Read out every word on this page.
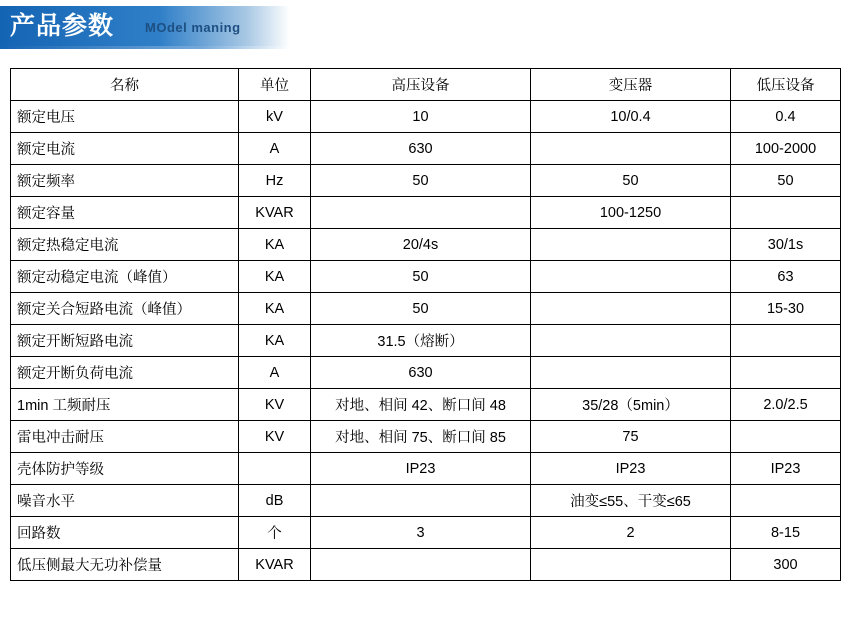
产品参数 MOdel maning
名称	单位	高压设备	变压器	低压设备
额定电压	kV	10	10/0.4	0.4
额定电流	A	630		100-2000
额定频率	Hz	50	50	50
额定容量	KVAR		100-1250	
额定热稳定电流	KA	20/4s		30/1s
额定动稳定电流（峰值）	KA	50		63
额定关合短路电流（峰值）	KA	50		15-30
额定开断短路电流	KA	31.5（熔断）		
额定开断负荷电流	A	630		
1min 工频耐压	KV	对地、相间 42、断口间 48	35/28（5min）	2.0/2.5
雷电冲击耐压	KV	对地、相间 75、断口间 85	75	
壳体防护等级		IP23	IP23	IP23
噪音水平	dB		油变≤55、干变≤65	
回路数	个	3	2	8-15
低压侧最大无功补偿量	KVAR			300
